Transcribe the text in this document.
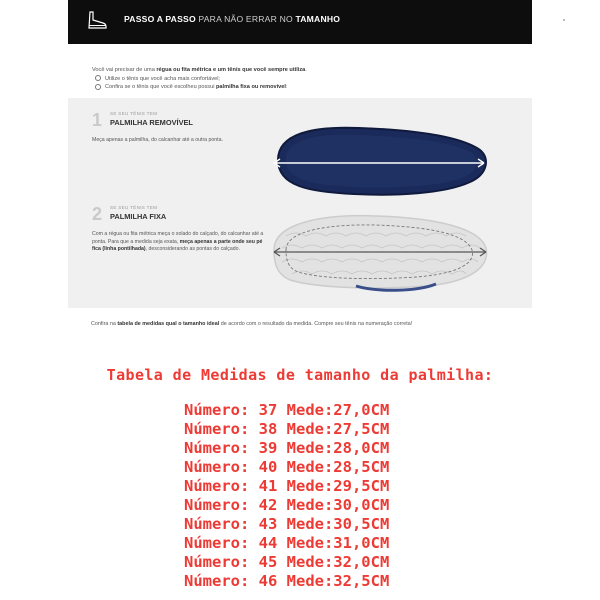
PASSO A PASSO PARA NÃO ERRAR NO TAMANHO
Você vai precisar de uma régua ou fita métrica e um tênis que você sempre utiliza.
Utilize o tênis que você acha mais confortável;
Confira se o tênis que você escolheu possui palmilha fixa ou removível:
1 SE SEU TÊNIS TEM
PALMILHA REMOVÍVEL
Meça apenas a palmilha, do calcanhar até a outra ponta.
2 SE SEU TÊNIS TEM
PALMILHA FIXA
Com a régua ou fita métrica meça o solado do calçado, do calcanhar até a ponta. Para que a medida seja exata, meça apenas a parte onde seu pé fica (linha pontilhada), desconsiderando as pontas do calçado.
Confira na tabela de medidas qual o tamanho ideal de acordo com o resultado da medida. Compre seu tênis na numeração correta!
Tabela de Medidas de tamanho da palmilha:
Número: 37 Mede:27,0CM
Número: 38 Mede:27,5CM
Número: 39 Mede:28,0CM
Número: 40 Mede:28,5CM
Número: 41 Mede:29,5CM
Número: 42 Mede:30,0CM
Número: 43 Mede:30,5CM
Número: 44 Mede:31,0CM
Número: 45 Mede:32,0CM
Número: 46 Mede:32,5CM
